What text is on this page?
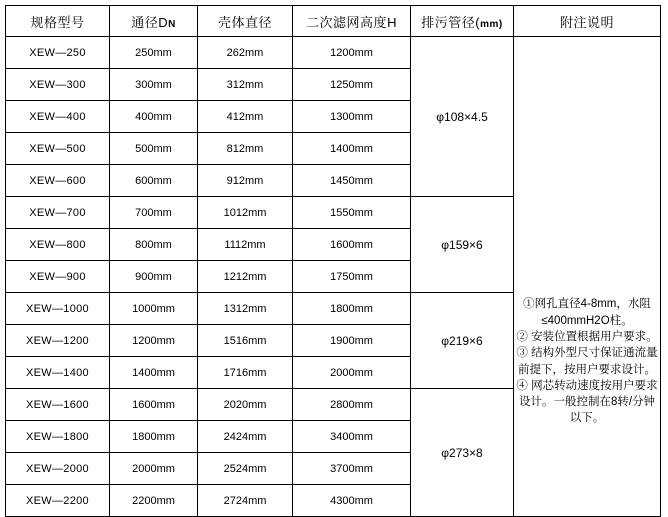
规格型号	通径DN	壳体直径	二次滤网高度H	排污管径(mm)	附注说明
XEW—250	250mm	262mm	1200mm	φ108×4.5	①网孔直径4-8mm，水阻≤400mmH2O柱。

② 安装位置根据用户要求。

③ 结构外型尺寸保证通流量前提下，按用户要求设计。

④ 网芯转动速度按用户要求设计。一般控制在8转/分钟以下。

XEW—300	300mm	312mm	1250mm		
XEW—400	400mm	412mm	1300mm		
XEW—500	500mm	812mm	1400mm		
XEW—600	600mm	912mm	1450mm		
XEW—700	700mm	1012mm	1550mm	φ159×6	
XEW—800	800mm	1112mm	1600mm		
XEW—900	900mm	1212mm	1750mm		
XEW—1000	1000mm	1312mm	1800mm	φ219×6	
XEW—1200	1200mm	1516mm	1900mm		
XEW—1400	1400mm	1716mm	2000mm		
XEW—1600	1600mm	2020mm	2800mm	φ273×8	
XEW—1800	1800mm	2424mm	3400mm		
XEW—2000	2000mm	2524mm	3700mm		
XEW—2200	2200mm	2724mm	4300mm		
